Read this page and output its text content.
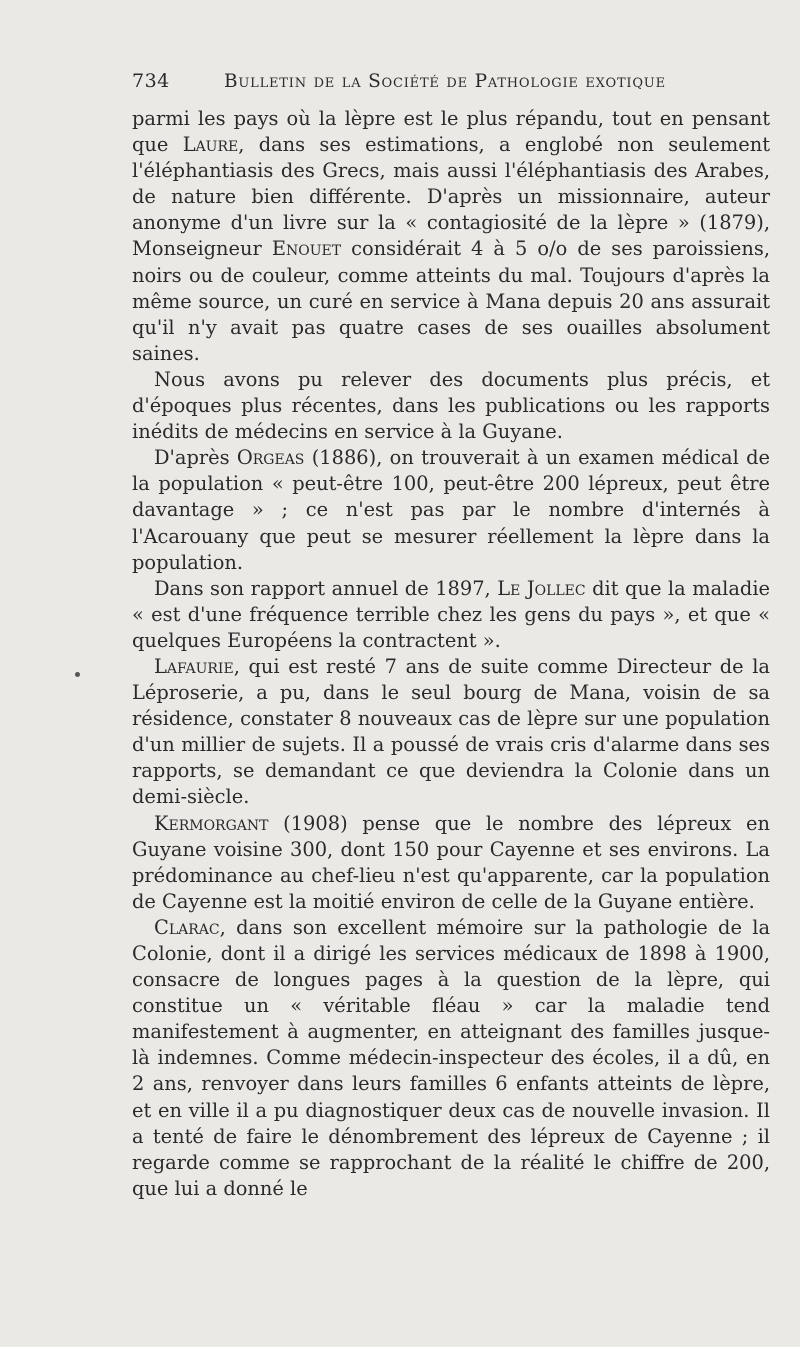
734	Bulletin de la Société de Pathologie exotique

parmi les pays où la lèpre est le plus répandu, tout en pensant que Laure, dans ses estimations, a englobé non seulement l'éléphantiasis des Grecs, mais aussi l'éléphantiasis des Arabes, de nature bien différente. D'après un missionnaire, auteur anonyme d'un livre sur la « contagiosité de la lèpre » (1879), Monseigneur Enouet considérait 4 à 5 o/o de ses paroissiens, noirs ou de couleur, comme atteints du mal. Toujours d'après la même source, un curé en service à Mana depuis 20 ans assurait qu'il n'y avait pas quatre cases de ses ouailles absolument saines.

Nous avons pu relever des documents plus précis, et d'époques plus récentes, dans les publications ou les rapports inédits de médecins en service à la Guyane.

D'après Orgeas (1886), on trouverait à un examen médical de la population « peut-être 100, peut-être 200 lépreux, peut être davantage » ; ce n'est pas par le nombre d'internés à l'Acarouany que peut se mesurer réellement la lèpre dans la population.

Dans son rapport annuel de 1897, Le Jollec dit que la maladie « est d'une fréquence terrible chez les gens du pays », et que « quelques Européens la contractent ».

Lafaurie, qui est resté 7 ans de suite comme Directeur de la Léproserie, a pu, dans le seul bourg de Mana, voisin de sa résidence, constater 8 nouveaux cas de lèpre sur une population d'un millier de sujets. Il a poussé de vrais cris d'alarme dans ses rapports, se demandant ce que deviendra la Colonie dans un demi-siècle.

Kermorgant (1908) pense que le nombre des lépreux en Guyane voisine 300, dont 150 pour Cayenne et ses environs. La prédominance au chef-lieu n'est qu'apparente, car la population de Cayenne est la moitié environ de celle de la Guyane entière.

Clarac, dans son excellent mémoire sur la pathologie de la Colonie, dont il a dirigé les services médicaux de 1898 à 1900, consacre de longues pages à la question de la lèpre, qui constitue un « véritable fléau » car la maladie tend manifestement à augmenter, en atteignant des familles jusque-là indemnes. Comme médecin-inspecteur des écoles, il a dû, en 2 ans, renvoyer dans leurs familles 6 enfants atteints de lèpre, et en ville il a pu diagnostiquer deux cas de nouvelle invasion. Il a tenté de faire le dénombrement des lépreux de Cayenne ; il regarde comme se rapprochant de la réalité le chiffre de 200, que lui a donné le
